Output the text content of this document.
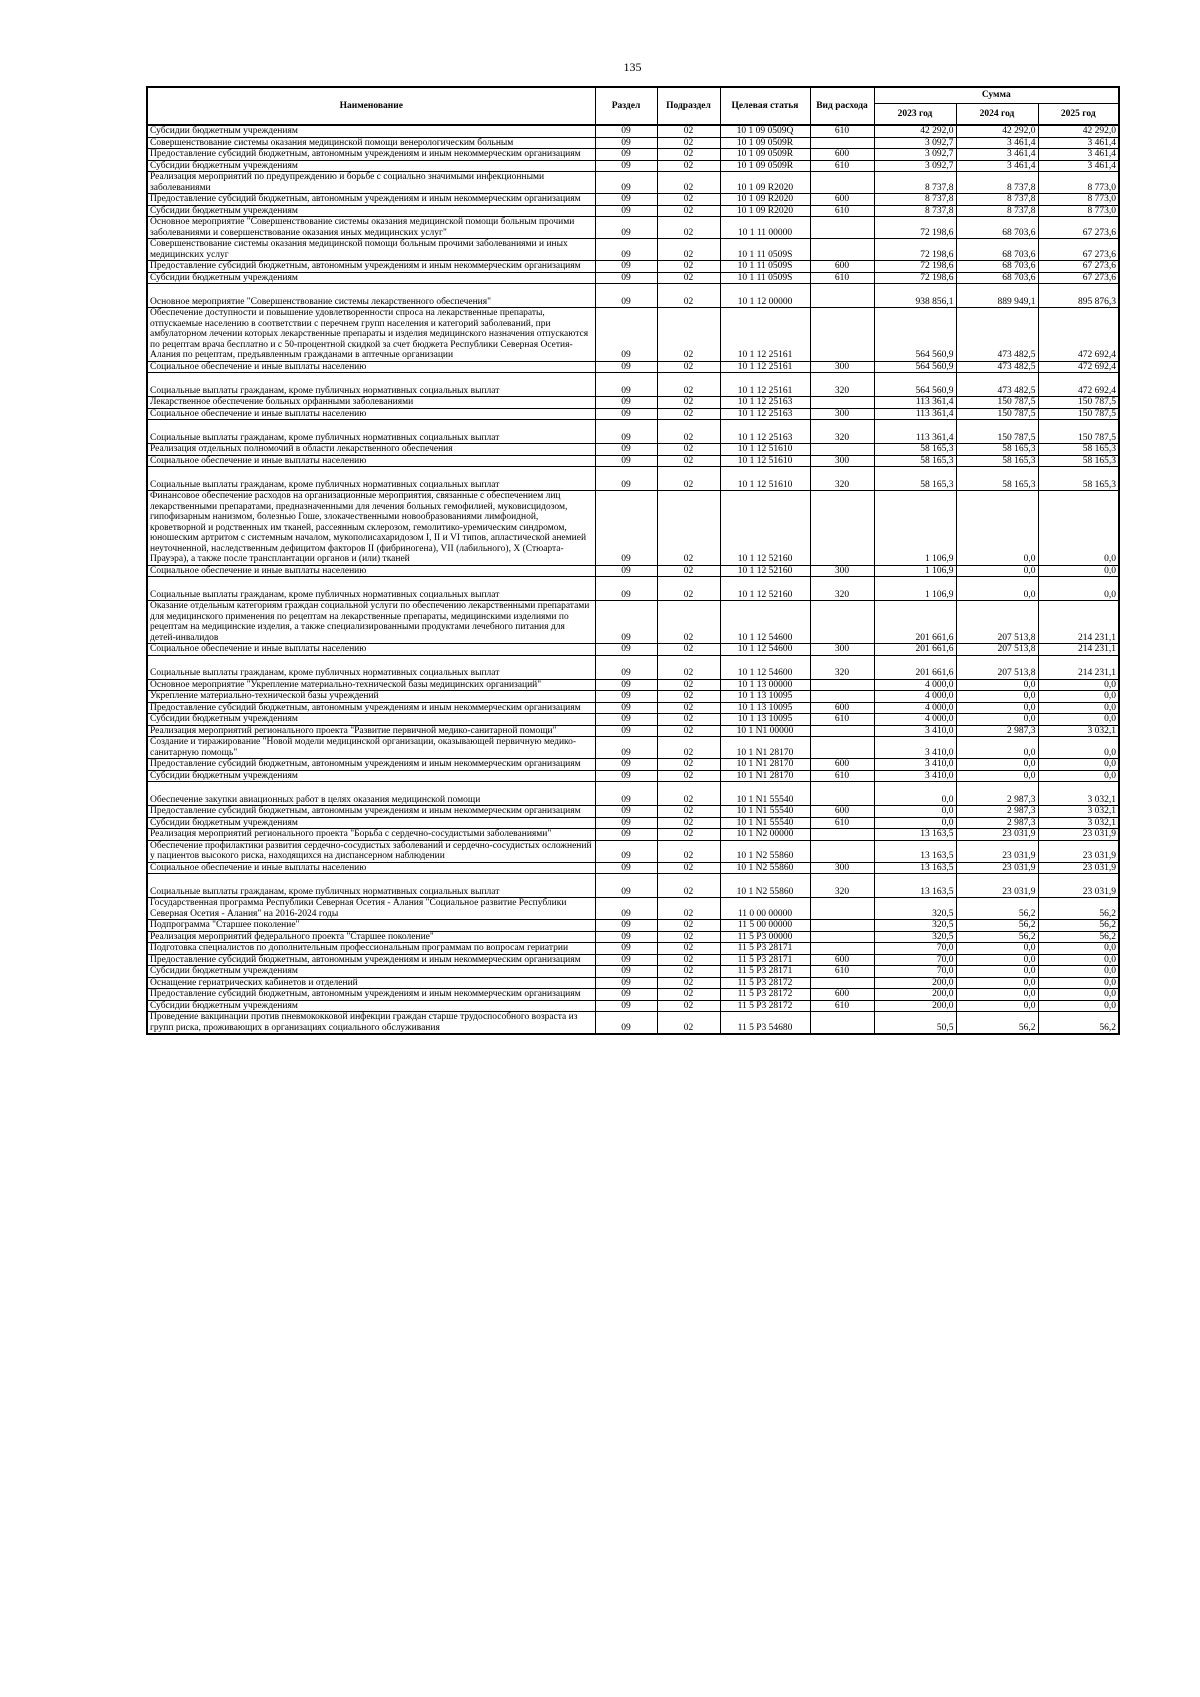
135
Наименование	Раздел	Подраздел	Целевая статья	Вид расхода	Сумма		
					2023 год	2024 год	2025 год
Субсидии бюджетным учреждениям	09	02	10 1 09 0509Q	610	42 292,0	42 292,0	42 292,0
Совершенствование системы оказания медицинской помощи венерологическим больным	09	02	10 1 09 0509R		3 092,7	3 461,4	3 461,4
Предоставление субсидий бюджетным, автономным учреждениям и иным некоммерческим организациям	09	02	10 1 09 0509R	600	3 092,7	3 461,4	3 461,4
Субсидии бюджетным учреждениям	09	02	10 1 09 0509R	610	3 092,7	3 461,4	3 461,4
Реализация мероприятий по предупреждению и борьбе с социально значимыми инфекционными заболеваниями	09	02	10 1 09 R2020		8 737,8	8 737,8	8 773,0
Предоставление субсидий бюджетным, автономным учреждениям и иным некоммерческим организациям	09	02	10 1 09 R2020	600	8 737,8	8 737,8	8 773,0
Субсидии бюджетным учреждениям	09	02	10 1 09 R2020	610	8 737,8	8 737,8	8 773,0
Основное мероприятие "Совершенствование системы оказания медицинской помощи больным прочими заболеваниями и совершенствование оказания иных медицинских услуг"	09	02	10 1 11 00000		72 198,6	68 703,6	67 273,6
Совершенствование системы оказания медицинской помощи больным прочими заболеваниями и иных медицинских услуг	09	02	10 1 11 0509S		72 198,6	68 703,6	67 273,6
Предоставление субсидий бюджетным, автономным учреждениям и иным некоммерческим организациям	09	02	10 1 11 0509S	600	72 198,6	68 703,6	67 273,6
Субсидии бюджетным учреждениям	09	02	10 1 11 0509S	610	72 198,6	68 703,6	67 273,6
Основное мероприятие "Совершенствование системы лекарственного обеспечения"	09	02	10 1 12 00000		938 856,1	889 949,1	895 876,3
Обеспечение доступности и повышение удовлетворенности спроса на лекарственные препараты, отпускаемые населению в соответствии с перечнем групп населения и категорий заболеваний, при амбулаторном лечении которых лекарственные препараты и изделия медицинского назначения отпускаются по рецептам врача бесплатно и с 50-процентной скидкой за счет бюджета Республики Северная Осетия-Алания по рецептам, предъявленным гражданами в аптечные организации	09	02	10 1 12 25161		564 560,9	473 482,5	472 692,4
Социальное обеспечение и иные выплаты населению	09	02	10 1 12 25161	300	564 560,9	473 482,5	472 692,4
Социальные выплаты гражданам, кроме публичных нормативных социальных выплат	09	02	10 1 12 25161	320	564 560,9	473 482,5	472 692,4
Лекарственное обеспечение больных орфанными заболеваниями	09	02	10 1 12 25163		113 361,4	150 787,5	150 787,5
Социальное обеспечение и иные выплаты населению	09	02	10 1 12 25163	300	113 361,4	150 787,5	150 787,5
Социальные выплаты гражданам, кроме публичных нормативных социальных выплат	09	02	10 1 12 25163	320	113 361,4	150 787,5	150 787,5
Реализация отдельных полномочий в области лекарственного обеспечения	09	02	10 1 12 51610		58 165,3	58 165,3	58 165,3
Социальное обеспечение и иные выплаты населению	09	02	10 1 12 51610	300	58 165,3	58 165,3	58 165,3
Социальные выплаты гражданам, кроме публичных нормативных социальных выплат	09	02	10 1 12 51610	320	58 165,3	58 165,3	58 165,3
Финансовое обеспечение расходов на организационные мероприятия, связанные с обеспечением лиц лекарственными препаратами, предназначенными для лечения больных гемофилией, муковисцидозом, гипофизарным нанизмом, болезнью Гоше, злокачественными новообразованиями лимфоидной, кроветворной и родственных им тканей, рассеянным склерозом, гемолитико-уремическим синдромом, юношеским артритом с системным началом, мукополисахаридозом I, II и VI типов, апластической анемией неуточненной, наследственным дефицитом факторов II (фибриногена), VII (лабильного), X (Стюарта-Прауэра), а также после трансплантации органов и (или) тканей	09	02	10 1 12 52160		1 106,9	0,0	0,0
Социальное обеспечение и иные выплаты населению	09	02	10 1 12 52160	300	1 106,9	0,0	0,0
Социальные выплаты гражданам, кроме публичных нормативных социальных выплат	09	02	10 1 12 52160	320	1 106,9	0,0	0,0
Оказание отдельным категориям граждан социальной услуги по обеспечению лекарственными препаратами для медицинского применения по рецептам на лекарственные препараты, медицинскими изделиями по рецептам на медицинские изделия, а также специализированными продуктами лечебного питания для детей-инвалидов	09	02	10 1 12 54600		201 661,6	207 513,8	214 231,1
Социальное обеспечение и иные выплаты населению	09	02	10 1 12 54600	300	201 661,6	207 513,8	214 231,1
Социальные выплаты гражданам, кроме публичных нормативных социальных выплат	09	02	10 1 12 54600	320	201 661,6	207 513,8	214 231,1
Основное мероприятие "Укрепление материально-технической базы медицинских организаций"	09	02	10 1 13 00000		4 000,0	0,0	0,0
Укрепление материально-технической базы учреждений	09	02	10 1 13 10095		4 000,0	0,0	0,0
Предоставление субсидий бюджетным, автономным учреждениям и иным некоммерческим организациям	09	02	10 1 13 10095	600	4 000,0	0,0	0,0
Субсидии бюджетным учреждениям	09	02	10 1 13 10095	610	4 000,0	0,0	0,0
Реализация мероприятий регионального проекта "Развитие первичной медико-санитарной помощи"	09	02	10 1 N1 00000		3 410,0	2 987,3	3 032,1
Создание и тиражирование "Новой модели медицинской организации, оказывающей первичную медико-санитарную помощь"	09	02	10 1 N1 28170		3 410,0	0,0	0,0
Предоставление субсидий бюджетным, автономным учреждениям и иным некоммерческим организациям	09	02	10 1 N1 28170	600	3 410,0	0,0	0,0
Субсидии бюджетным учреждениям	09	02	10 1 N1 28170	610	3 410,0	0,0	0,0
Обеспечение закупки авиационных работ в целях оказания медицинской помощи	09	02	10 1 N1 55540		0,0	2 987,3	3 032,1
Предоставление субсидий бюджетным, автономным учреждениям и иным некоммерческим организациям	09	02	10 1 N1 55540	600	0,0	2 987,3	3 032,1
Субсидии бюджетным учреждениям	09	02	10 1 N1 55540	610	0,0	2 987,3	3 032,1
Реализация мероприятий регионального проекта "Борьба с сердечно-сосудистыми заболеваниями"	09	02	10 1 N2 00000		13 163,5	23 031,9	23 031,9
Обеспечение профилактики развития сердечно-сосудистых заболеваний и сердечно-сосудистых осложнений у пациентов высокого риска, находящихся на диспансерном наблюдении	09	02	10 1 N2 55860		13 163,5	23 031,9	23 031,9
Социальное обеспечение и иные выплаты населению	09	02	10 1 N2 55860	300	13 163,5	23 031,9	23 031,9
Социальные выплаты гражданам, кроме публичных нормативных социальных выплат	09	02	10 1 N2 55860	320	13 163,5	23 031,9	23 031,9
Государственная программа Республики Северная Осетия - Алания "Социальное развитие Республики Северная Осетия - Алания" на 2016-2024 годы	09	02	11 0 00 00000		320,5	56,2	56,2
Подпрограмма "Старшее поколение"	09	02	11 5 00 00000		320,5	56,2	56,2
Реализация мероприятий федерального проекта "Старшее поколение"	09	02	11 5 P3 00000		320,5	56,2	56,2
Подготовка специалистов по дополнительным профессиональным программам по вопросам гериатрии	09	02	11 5 P3 28171		70,0	0,0	0,0
Предоставление субсидий бюджетным, автономным учреждениям и иным некоммерческим организациям	09	02	11 5 P3 28171	600	70,0	0,0	0,0
Субсидии бюджетным учреждениям	09	02	11 5 P3 28171	610	70,0	0,0	0,0
Оснащение гериатрических кабинетов и отделений	09	02	11 5 P3 28172		200,0	0,0	0,0
Предоставление субсидий бюджетным, автономным учреждениям и иным некоммерческим организациям	09	02	11 5 P3 28172	600	200,0	0,0	0,0
Субсидии бюджетным учреждениям	09	02	11 5 P3 28172	610	200,0	0,0	0,0
Проведение вакцинации против пневмококковой инфекции граждан старше трудоспособного возраста из групп риска, проживающих в организациях социального обслуживания	09	02	11 5 P3 54680		50,5	56,2	56,2
